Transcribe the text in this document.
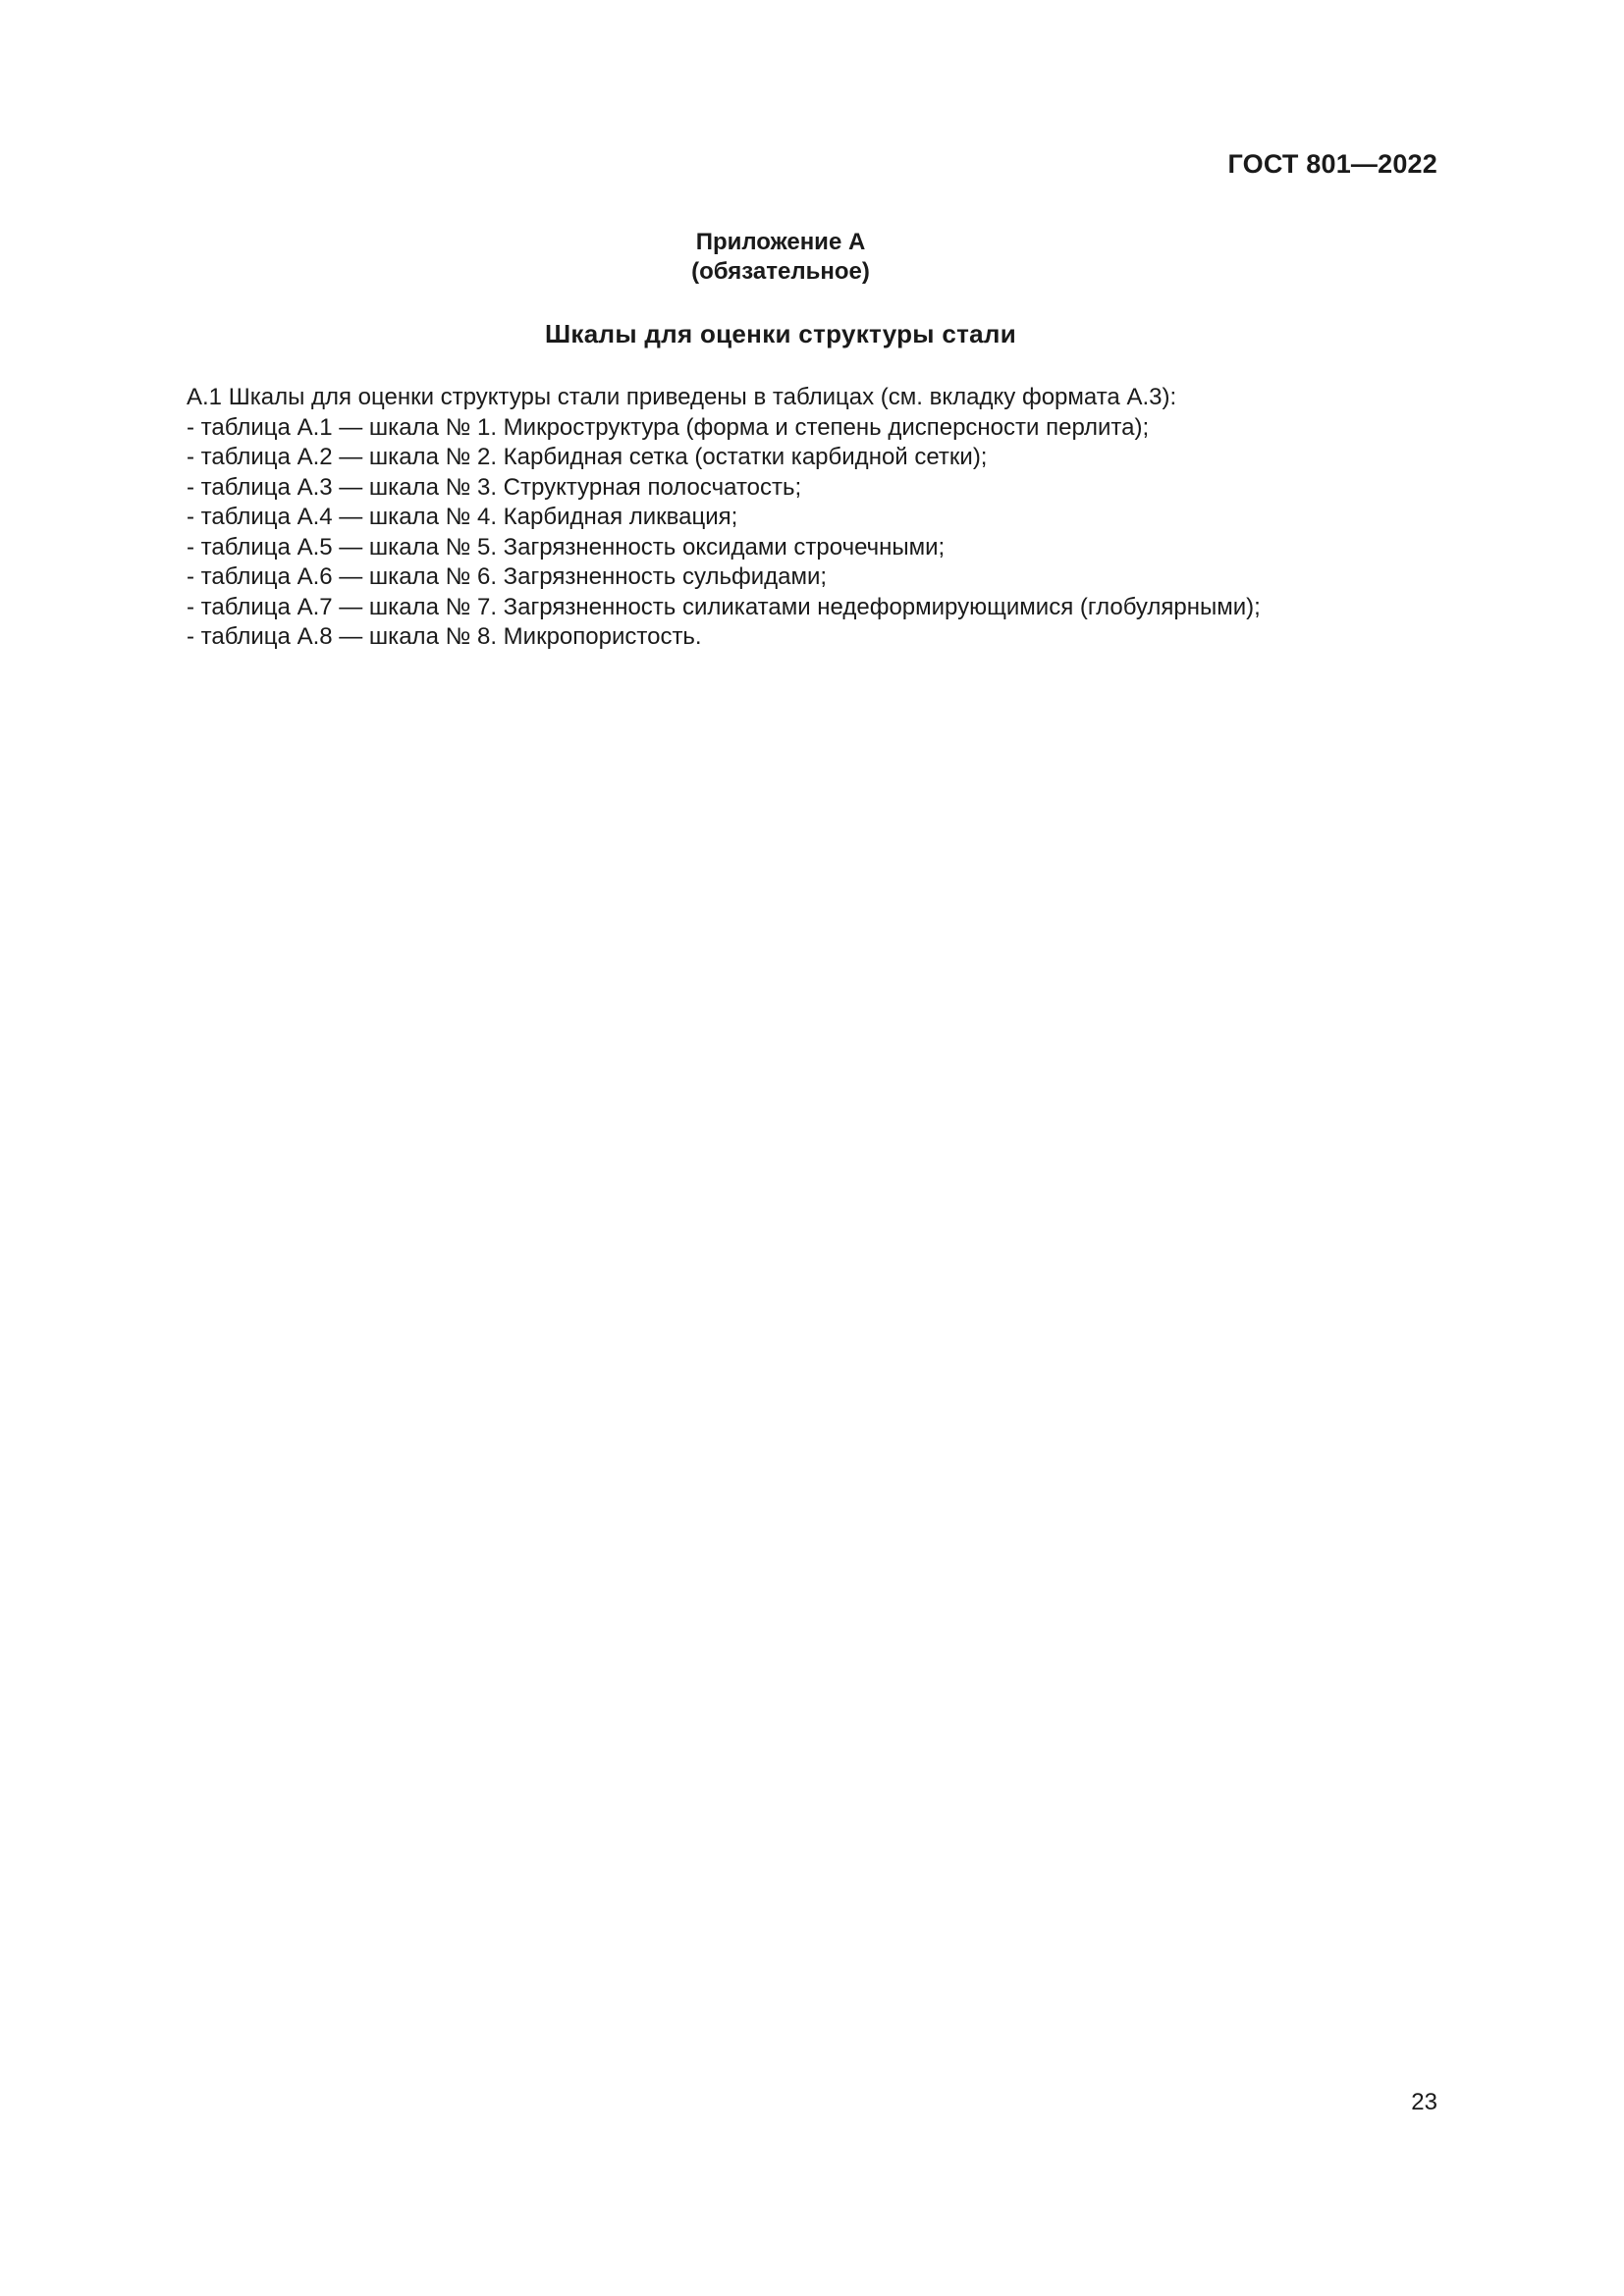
ГОСТ 801—2022
Приложение А
(обязательное)
Шкалы для оценки структуры стали

А.1 Шкалы для оценки структуры стали приведены в таблицах (см. вкладку формата А.3):

- таблица А.1 — шкала № 1. Микроструктура (форма и степень дисперсности перлита);

- таблица А.2 — шкала № 2. Карбидная сетка (остатки карбидной сетки);

- таблица А.3 — шкала № 3. Структурная полосчатость;

- таблица А.4 — шкала № 4. Карбидная ликвация;

- таблица А.5 — шкала № 5. Загрязненность оксидами строчечными;

- таблица А.6 — шкала № 6. Загрязненность сульфидами;

- таблица А.7 — шкала № 7. Загрязненность силикатами недеформирующимися (глобулярными);

- таблица А.8 — шкала № 8. Микропористость.

23
